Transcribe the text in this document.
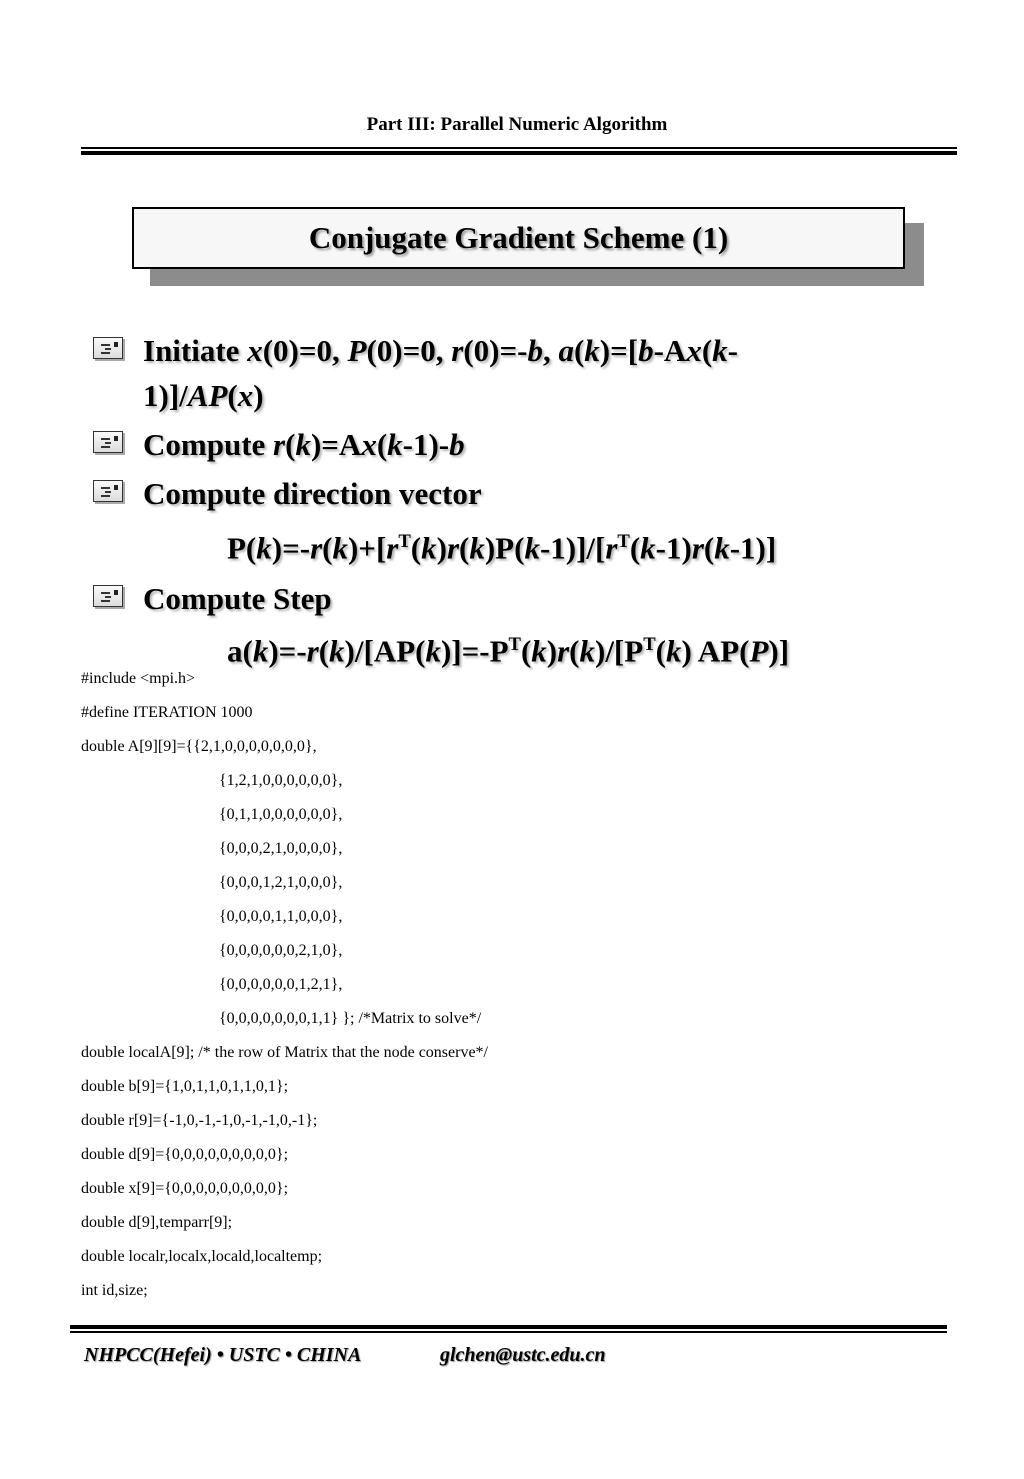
Part III: Parallel Numeric Algorithm
Conjugate Gradient Scheme (1)
Initiate x(0)=0, P(0)=0, r(0)=-b, a(k)=[b-Ax(k-
1)]/AP(x)
Compute r(k)=Ax(k-1)-b
Compute direction vector
$P(k)=-r(k)+[r^T(k)r(k)P(k-1)]/[r^T(k-1)r(k-1)]$
Compute Step
$a(k)=-r(k)/[AP(k)]=-P^T(k)r(k)/[P^T(k)$ AP(P)]
#include <mpi.h>
#define ITERATION 1000
double A[9][9]={{2,1,0,0,0,0,0,0,0},
{1,2,1,0,0,0,0,0,0},
{0,1,1,0,0,0,0,0,0},
{0,0,0,2,1,0,0,0,0},
{0,0,0,1,2,1,0,0,0},
{0,0,0,0,1,1,0,0,0},
{0,0,0,0,0,0,2,1,0},
{0,0,0,0,0,0,1,2,1},
{0,0,0,0,0,0,0,1,1} }; /*Matrix to solve*/
double localA[9]; /* the row of Matrix that the node conserve*/
double b[9]={1,0,1,1,0,1,1,0,1};
double r[9]={-1,0,-1,-1,0,-1,-1,0,-1};
double d[9]={0,0,0,0,0,0,0,0,0};
double x[9]={0,0,0,0,0,0,0,0,0};
double d[9],temparr[9];
double localr,localx,locald,localtemp;
int id,size;
NHPCC(Hefei) • USTC • CHINA	glchen@ustc.edu.cn
